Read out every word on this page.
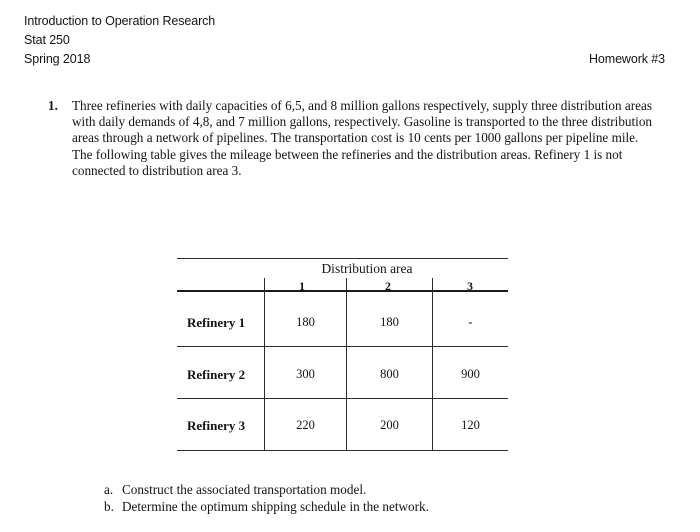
Introduction to Operation Research
Stat 250
Spring 2018	Homework #3
1. Three refineries with daily capacities of 6,5, and 8 million gallons respectively, supply three distribution areas with daily demands of 4,8, and 7 million gallons, respectively. Gasoline is transported to the three distribution areas through a network of pipelines. The transportation cost is 10 cents per 1000 gallons per pipeline mile. The following table gives the mileage between the refineries and the distribution areas. Refinery 1 is not connected to distribution area 3.
Distribution area
1	2	3
Refinery 1	180	180	-
Refinery 2	300	800	900
Refinery 3	220	200	120
a. Construct the associated transportation model.
b. Determine the optimum shipping schedule in the network.
